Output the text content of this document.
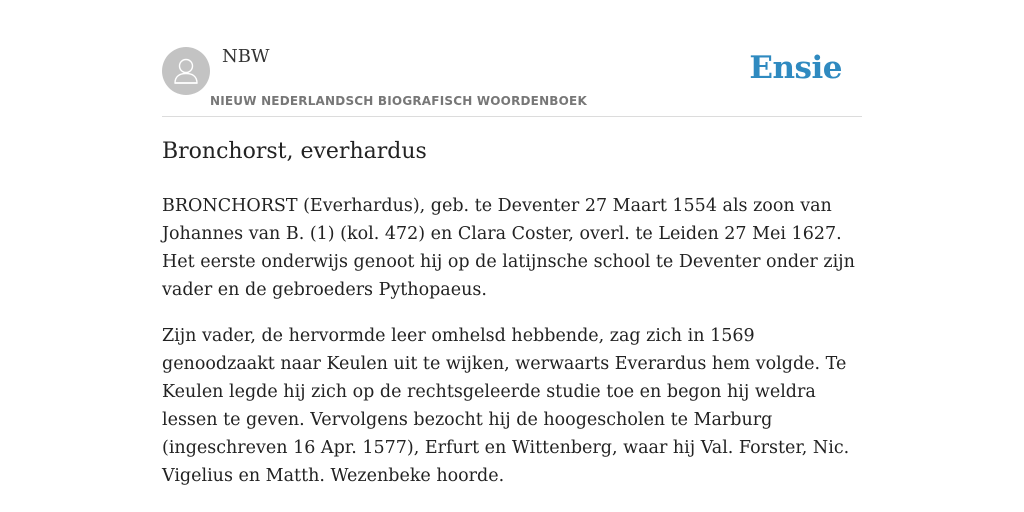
NBW
NIEUW NEDERLANDSCH BIOGRAFISCH WOORDENBOEK
Ensie
Bronchorst, everhardus

BRONCHORST (Everhardus), geb. te Deventer 27 Maart 1554 als zoon van Johannes van B. (1) (kol. 472) en Clara Coster, overl. te Leiden 27 Mei 1627. Het eerste onderwijs genoot hij op de latijnsche school te Deventer onder zijn vader en de gebroeders Pythopaeus.

Zijn vader, de hervormde leer omhelsd hebbende, zag zich in 1569 genoodzaakt naar Keulen uit te wijken, werwaarts Everardus hem volgde. Te Keulen legde hij zich op de rechtsgeleerde studie toe en begon hij weldra lessen te geven. Vervolgens bezocht hij de hoogescholen te Marburg (ingeschreven 16 Apr. 1577), Erfurt en Wittenberg, waar hij Val. Forster, Nic. Vigelius en Matth. Wezenbeke hoorde.
